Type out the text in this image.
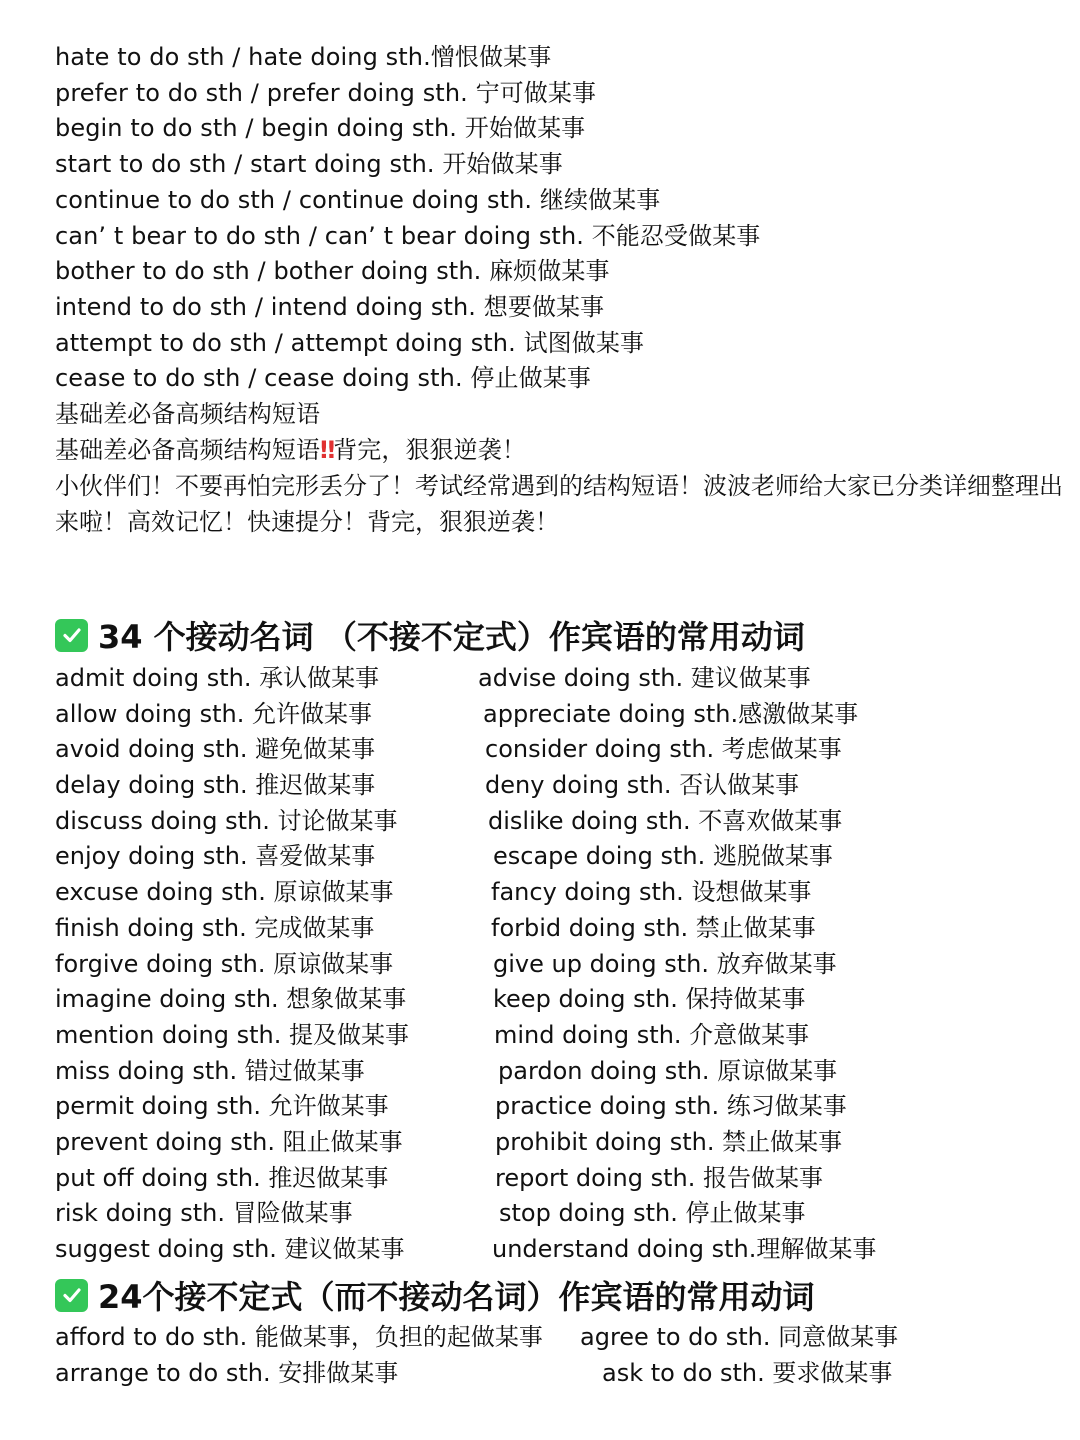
hate to do sth / hate doing sth.憎恨做某事
prefer to do sth / prefer doing sth. 宁可做某事
begin to do sth / begin doing sth. 开始做某事
start to do sth / start doing sth. 开始做某事
continue to do sth / continue doing sth. 继续做某事
can’ t bear to do sth / can’ t bear doing sth. 不能忍受做某事
bother to do sth / bother doing sth. 麻烦做某事
intend to do sth / intend doing sth. 想要做某事
attempt to do sth / attempt doing sth. 试图做某事
cease to do sth / cease doing sth. 停止做某事
基础差必备高频结构短语
基础差必备高频结构短语‼背完，狠狠逆袭！
小伙伴们！不要再怕完形丢分了！考试经常遇到的结构短语！波波老师给大家已分类详细整理出来啦！高效记忆！快速提分！背完，狠狠逆袭！
34 个接动名词 （不接不定式）作宾语的常用动词
admit doing sth. 承认做某事
allow doing sth. 允许做某事
avoid doing sth. 避免做某事
delay doing sth. 推迟做某事
discuss doing sth. 讨论做某事
enjoy doing sth. 喜爱做某事
excuse doing sth. 原谅做某事
finish doing sth. 完成做某事
forgive doing sth. 原谅做某事
imagine doing sth. 想象做某事
mention doing sth. 提及做某事
miss doing sth. 错过做某事
permit doing sth. 允许做某事
prevent doing sth. 阻止做某事
put off doing sth. 推迟做某事
risk doing sth. 冒险做某事
suggest doing sth. 建议做某事
advise doing sth. 建议做某事
appreciate doing sth.感激做某事
consider doing sth. 考虑做某事
deny doing sth. 否认做某事
dislike doing sth. 不喜欢做某事
escape doing sth. 逃脱做某事
fancy doing sth. 设想做某事
forbid doing sth. 禁止做某事
give up doing sth. 放弃做某事
keep doing sth. 保持做某事
mind doing sth. 介意做某事
pardon doing sth. 原谅做某事
practice doing sth. 练习做某事
prohibit doing sth. 禁止做某事
report doing sth. 报告做某事
stop doing sth. 停止做某事
understand doing sth.理解做某事
24个接不定式（而不接动名词）作宾语的常用动词
afford to do sth. 能做某事，负担的起做某事
arrange to do sth. 安排做某事
agree to do sth. 同意做某事
ask to do sth. 要求做某事
